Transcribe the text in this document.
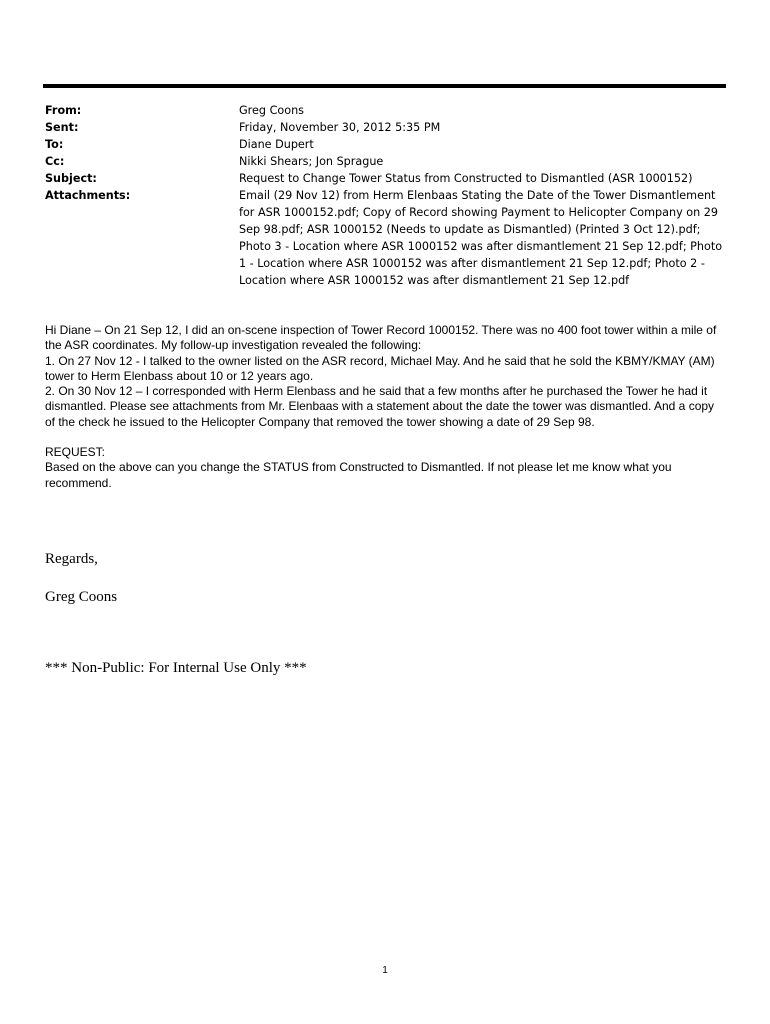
From:	Greg Coons
Sent:	Friday, November 30, 2012 5:35 PM
To:	Diane Dupert
Cc:	Nikki Shears; Jon Sprague
Subject:	Request to Change Tower Status from Constructed to Dismantled (ASR 1000152)
Attachments:	Email (29 Nov 12) from Herm Elenbaas Stating the Date of the Tower Dismantlement for ASR 1000152.pdf; Copy of Record showing Payment to Helicopter Company on 29 Sep 98.pdf; ASR 1000152 (Needs to update as Dismantled) (Printed 3 Oct 12).pdf; Photo 3 - Location where ASR 1000152 was after dismantlement 21 Sep 12.pdf; Photo 1 - Location where ASR 1000152 was after dismantlement 21 Sep 12.pdf; Photo 2 - Location where ASR 1000152 was after dismantlement 21 Sep 12.pdf

Hi Diane – On 21 Sep 12, I did an on-scene inspection of Tower Record 1000152. There was no 400 foot tower within a mile of the ASR coordinates. My follow-up investigation revealed the following:

1. On 27 Nov 12 - I talked to the owner listed on the ASR record, Michael May. And he said that he sold the KBMY/KMAY (AM) tower to Herm Elenbass about 10 or 12 years ago.

2. On 30 Nov 12 – I corresponded with Herm Elenbass and he said that a few months after he purchased the Tower he had it dismantled. Please see attachments from Mr. Elenbaas with a statement about the date the tower was dismantled. And a copy of the check he issued to the Helicopter Company that removed the tower showing a date of 29 Sep 98.

REQUEST:

Based on the above can you change the STATUS from Constructed to Dismantled. If not please let me know what you recommend.

Regards,
Greg Coons
*** Non-Public: For Internal Use Only ***
1
